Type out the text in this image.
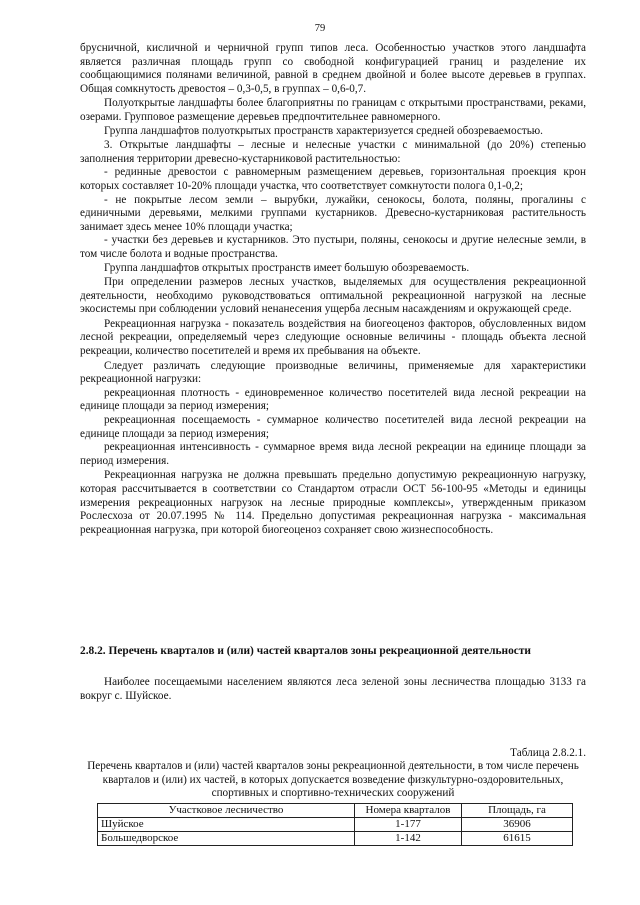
79

брусничной, кисличной и черничной групп типов леса. Особенностью участков этого ландшафта является различная площадь групп со свободной конфигурацией границ и разделение их сообщающимися полянами величиной, равной в среднем двойной и более высоте деревьев в группах. Общая сомкнутость древостоя – 0,3-0,5, в группах – 0,6-0,7.

Полуоткрытые ландшафты более благоприятны по границам с открытыми пространствами, реками, озерами. Групповое размещение деревьев предпочтительнее равномерного.

Группа ландшафтов полуоткрытых пространств характеризуется средней обозреваемостью.

3. Открытые ландшафты – лесные и нелесные участки с минимальной (до 20%) степенью заполнения территории древесно-кустарниковой растительностью:

- рединные древостои с равномерным размещением деревьев, горизонтальная проекция крон которых составляет 10-20% площади участка, что соответствует сомкнутости полога 0,1-0,2;

- не покрытые лесом земли – вырубки, лужайки, сенокосы, болота, поляны, прогалины с единичными деревьями, мелкими группами кустарников. Древесно-кустарниковая растительность занимает здесь менее 10% площади участка;

- участки без деревьев и кустарников. Это пустыри, поляны, сенокосы и другие нелесные земли, в том числе болота и водные пространства.

Группа ландшафтов открытых пространств имеет большую обозреваемость.

При определении размеров лесных участков, выделяемых для осуществления рекреационной деятельности, необходимо руководствоваться оптимальной рекреационной нагрузкой на лесные экосистемы при соблюдении условий ненанесения ущерба лесным насаждениям и окружающей среде.

Рекреационная нагрузка - показатель воздействия на биогеоценоз факторов, обусловленных видом лесной рекреации, определяемый через следующие основные величины - площадь объекта лесной рекреации, количество посетителей и время их пребывания на объекте.

Следует различать следующие производные величины, применяемые для характеристики рекреационной нагрузки:

рекреационная плотность - единовременное количество посетителей вида лесной рекреации на единице площади за период измерения;

рекреационная посещаемость - суммарное количество посетителей вида лесной рекреации на единице площади за период измерения;

рекреационная интенсивность - суммарное время вида лесной рекреации на единице площади за период измерения.

Рекреационная нагрузка не должна превышать предельно допустимую рекреационную нагрузку, которая рассчитывается в соответствии со Стандартом отрасли ОСТ 56-100-95 «Методы и единицы измерения рекреационных нагрузок на лесные природные комплексы», утвержденным приказом Рослесхоза от 20.07.1995 № 114. Предельно допустимая рекреационная нагрузка - максимальная рекреационная нагрузка, при которой биогеоценоз сохраняет свою жизнеспособность.

2.8.2. Перечень кварталов и (или) частей кварталов зоны рекреационной деятельности

Наиболее посещаемыми населением являются леса зеленой зоны лесничества площадью 3133 га вокруг с. Шуйское.

Таблица 2.8.2.1.

Перечень кварталов и (или) частей кварталов зоны рекреационной деятельности, в том числе перечень кварталов и (или) их частей, в которых допускается возведение физкультурно-оздоровительных, спортивных и спортивно-технических сооружений

Участковое лесничество	Номера кварталов	Площадь, га
Шуйское	1-177	36906
Большедворское	1-142	61615
